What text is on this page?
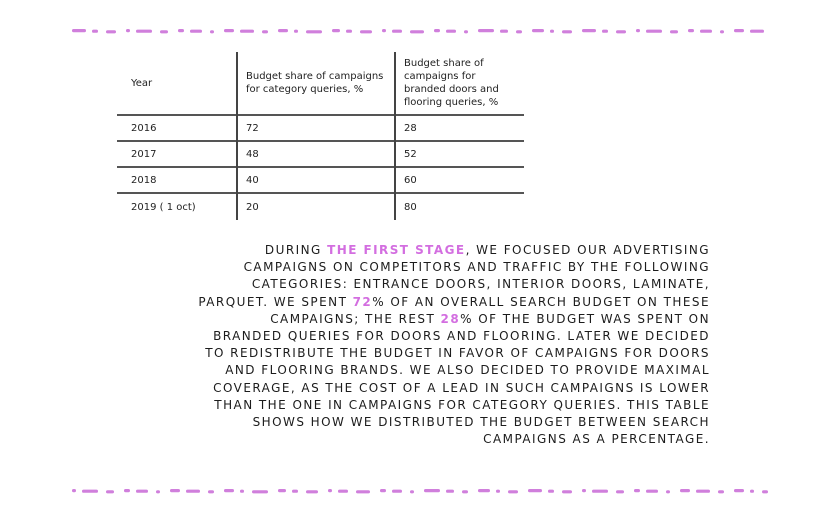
Year	Budget share of campaigns for category queries, %	Budget share of campaigns for branded doors and flooring queries, %
2016	72	28
2017	48	52
2018	40	60
2019 ( 1 oct)	20	80

DURING THE FIRST STAGE, WE FOCUSED OUR ADVERTISING CAMPAIGNS ON COMPETITORS AND TRAFFIC BY THE FOLLOWING CATEGORIES: ENTRANCE DOORS, INTERIOR DOORS, LAMINATE, PARQUET. WE SPENT 72% OF AN OVERALL SEARCH BUDGET ON THESE CAMPAIGNS; THE REST 28% OF THE BUDGET WAS SPENT ON BRANDED QUERIES FOR DOORS AND FLOORING. LATER WE DECIDED TO REDISTRIBUTE THE BUDGET IN FAVOR OF CAMPAIGNS FOR DOORS AND FLOORING BRANDS. WE ALSO DECIDED TO PROVIDE MAXIMAL COVERAGE, AS THE COST OF A LEAD IN SUCH CAMPAIGNS IS LOWER THAN THE ONE IN CAMPAIGNS FOR CATEGORY QUERIES. THIS TABLE SHOWS HOW WE DISTRIBUTED THE BUDGET BETWEEN SEARCH CAMPAIGNS AS A PERCENTAGE.
